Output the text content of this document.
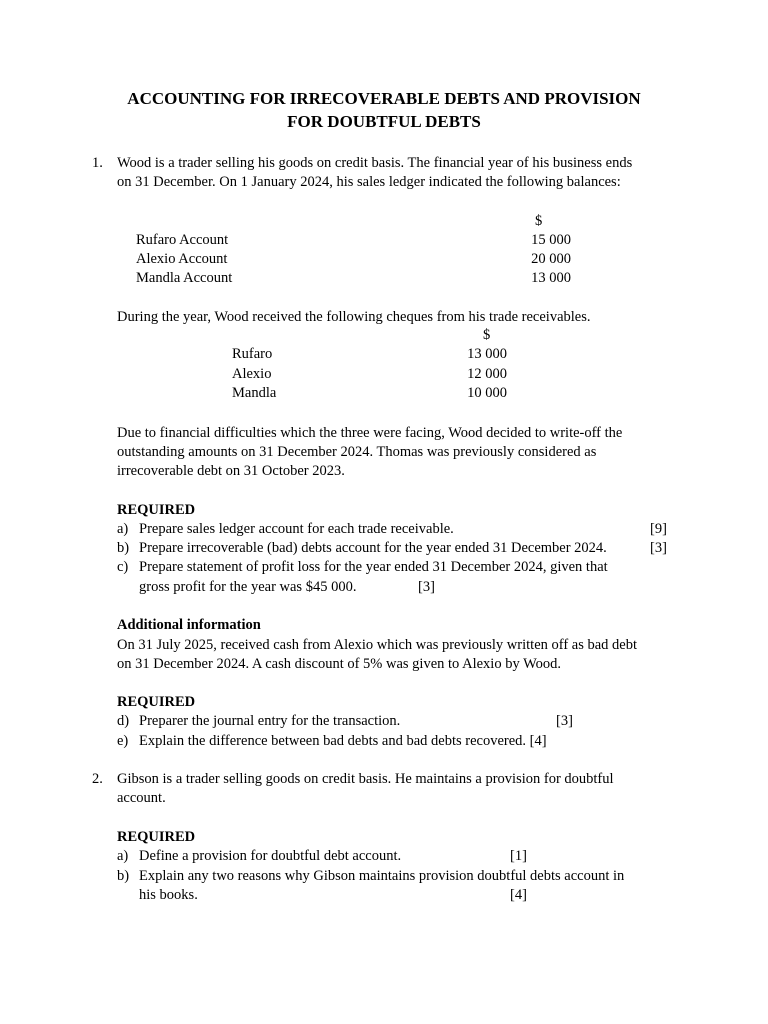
ACCOUNTING FOR IRRECOVERABLE DEBTS AND PROVISION
FOR DOUBTFUL DEBTS
1. Wood is a trader selling his goods on credit basis. The financial year of his business ends
on 31 December. On 1 January 2024, his sales ledger indicated the following balances:
$
Rufaro Account	15 000
Alexio Account	20 000
Mandla Account	13 000
During the year, Wood received the following cheques from his trade receivables.
$
Rufaro	13 000
Alexio	12 000
Mandla	10 000
Due to financial difficulties which the three were facing, Wood decided to write-off the
outstanding amounts on 31 December 2024. Thomas was previously considered as
irrecoverable debt on 31 October 2023.
REQUIRED
a) Prepare sales ledger account for each trade receivable.	[9]
b) Prepare irrecoverable (bad) debts account for the year ended 31 December 2024.	[3]
c) Prepare statement of profit loss for the year ended 31 December 2024, given that
gross profit for the year was $45 000.	[3]
Additional information
On 31 July 2025, received cash from Alexio which was previously written off as bad debt
on 31 December 2024. A cash discount of 5% was given to Alexio by Wood.
REQUIRED
d) Preparer the journal entry for the transaction.	[3]
e) Explain the difference between bad debts and bad debts recovered. [4]
2. Gibson is a trader selling goods on credit basis. He maintains a provision for doubtful
account.
REQUIRED
a) Define a provision for doubtful debt account.	[1]
b) Explain any two reasons why Gibson maintains provision doubtful debts account in
his books.	[4]
